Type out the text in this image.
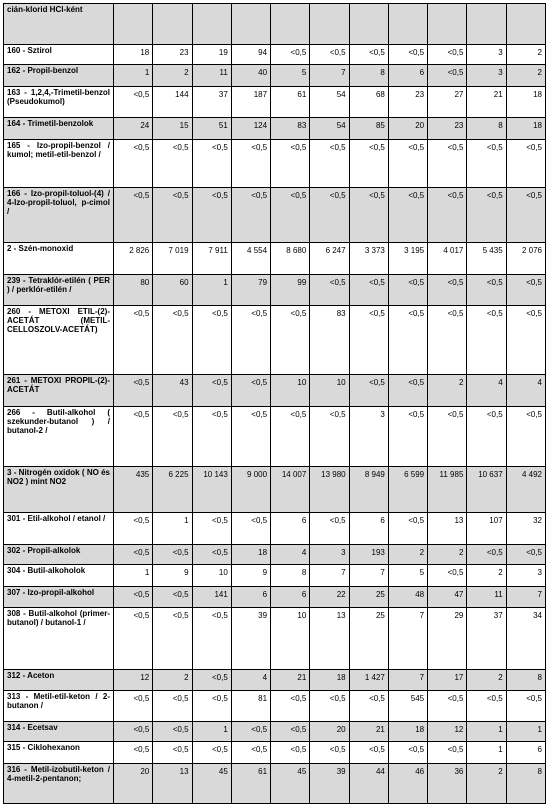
cián-klorid HCl-ként											
160 - Sztirol	18	23	19	94	<0,5	<0,5	<0,5	<0,5	<0,5	3	2
162 - Propil-benzol	1	2	11	40	5	7	8	6	<0,5	3	2
163 - 1,2,4,-Trimetil-benzol (Pseudokumol)	<0,5	144	37	187	61	54	68	23	27	21	18
164 - Trimetil-benzolok	24	15	51	124	83	54	85	20	23	8	18
165 - Izo-propil-benzol / kumol; metil-etil-benzol /	<0,5	<0,5	<0,5	<0,5	<0,5	<0,5	<0,5	<0,5	<0,5	<0,5	<0,5
166 - Izo-propil-toluol-(4) / 4-Izo-propil-toluol, p-cimol /	<0,5	<0,5	<0,5	<0,5	<0,5	<0,5	<0,5	<0,5	<0,5	<0,5	<0,5
2 - Szén-monoxid	2 826	7 019	7 911	4 554	8 680	6 247	3 373	3 195	4 017	5 435	2 076
239 - Tetraklór-etilén ( PER ) / perklór-etilén /	80	60	1	79	99	<0,5	<0,5	<0,5	<0,5	<0,5	<0,5
260 - METOXI ETIL-(2)-ACETÁT (METIL-CELLOSZOLV-ACETÁT)	<0,5	<0,5	<0,5	<0,5	<0,5	83	<0,5	<0,5	<0,5	<0,5	<0,5
261 - METOXI PROPIL-(2)-ACETÁT	<0,5	43	<0,5	<0,5	10	10	<0,5	<0,5	2	4	4
266 - Butil-alkohol ( szekunder-butanol ) / butanol-2 /	<0,5	<0,5	<0,5	<0,5	<0,5	<0,5	3	<0,5	<0,5	<0,5	<0,5
3 - Nitrogén oxidok ( NO és NO2 ) mint NO2	435	6 225	10 143	9 000	14 007	13 980	8 949	6 599	11 985	10 637	4 492
301 - Etil-alkohol / etanol /	<0,5	1	<0,5	<0,5	6	<0,5	6	<0,5	13	107	32
302 - Propil-alkolok	<0,5	<0,5	<0,5	18	4	3	193	2	2	<0,5	<0,5
304 - Butil-alkoholok	1	9	10	9	8	7	7	5	<0,5	2	3
307 - Izo-propil-alkohol	<0,5	<0,5	141	6	6	22	25	48	47	11	7
308 - Butil-alkohol (primer-butanol) / butanol-1 /	<0,5	<0,5	<0,5	39	10	13	25	7	29	37	34
312 - Aceton	12	2	<0,5	4	21	18	1 427	7	17	2	8
313 - Metil-etil-keton / 2-butanon /	<0,5	<0,5	<0,5	81	<0,5	<0,5	<0,5	545	<0,5	<0,5	<0,5
314 - Ecetsav	<0,5	<0,5	1	<0,5	<0,5	20	21	18	12	1	1
315 - Ciklohexanon	<0,5	<0,5	<0,5	<0,5	<0,5	<0,5	<0,5	<0,5	<0,5	1	6
316 - Metil-izobutil-keton / 4-metil-2-pentanon;	20	13	45	61	45	39	44	46	36	2	8
